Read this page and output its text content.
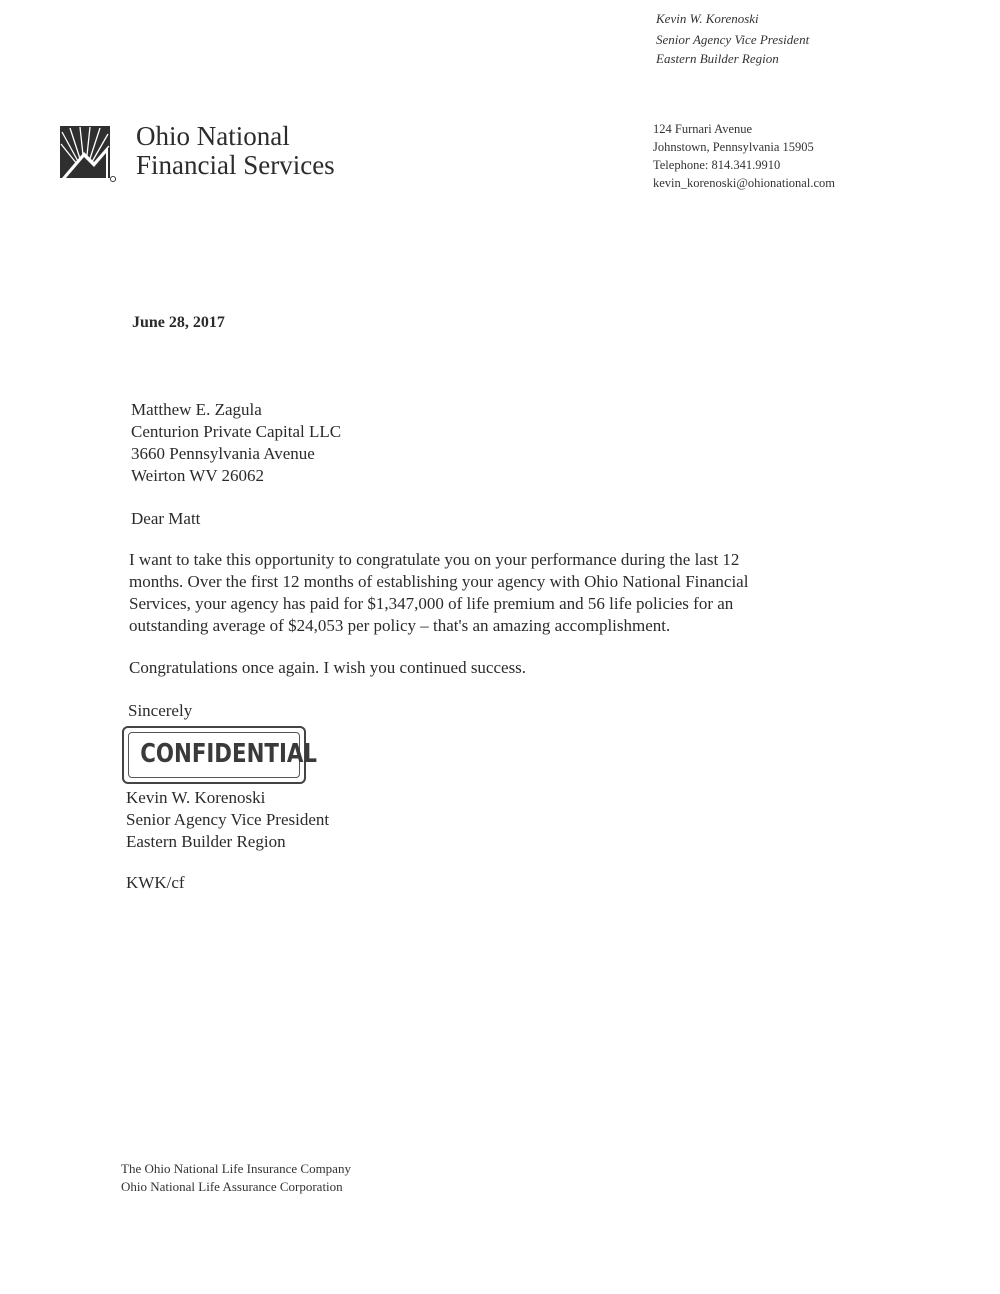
Kevin W. Korenoski
Senior Agency Vice President
Eastern Builder Region
Ohio National
Financial Services
124 Furnari Avenue
Johnstown, Pennsylvania 15905
Telephone: 814.341.9910
kevin_korenoski@ohionational.com
June 28, 2017
Matthew E. Zagula
Centurion Private Capital LLC
3660 Pennsylvania Avenue
Weirton WV 26062
Dear Matt
I want to take this opportunity to congratulate you on your performance during the last 12
months. Over the first 12 months of establishing your agency with Ohio National Financial
Services, your agency has paid for $1,347,000 of life premium and 56 life policies for an
outstanding average of $24,053 per policy – that's an amazing accomplishment.
Congratulations once again. I wish you continued success.
Sincerely
CONFIDENTIAL
Kevin W. Korenoski
Senior Agency Vice President
Eastern Builder Region
KWK/cf
The Ohio National Life Insurance Company
Ohio National Life Assurance Corporation
